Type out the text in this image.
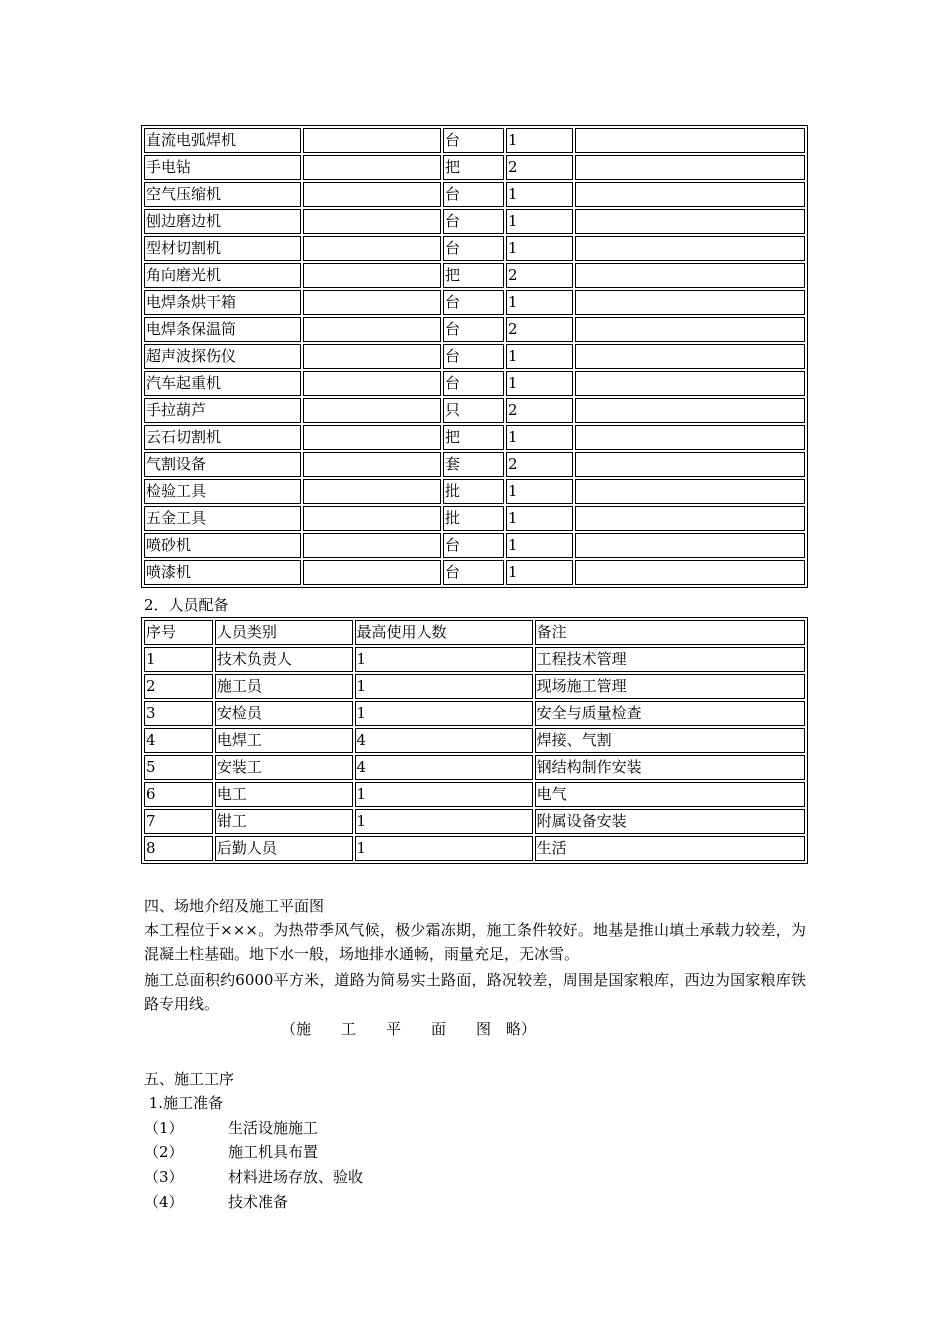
直流电弧焊机		台	1	
手电钻		把	2	
空气压缩机		台	1	
刨边磨边机		台	1	
型材切割机		台	1	
角向磨光机		把	2	
电焊条烘干箱		台	1	
电焊条保温筒		台	2	
超声波探伤仪		台	1	
汽车起重机		台	1	
手拉葫芦		只	2	
云石切割机		把	1	
气割设备		套	2	
检验工具		批	1	
五金工具		批	1	
喷砂机		台	1	
喷漆机		台	1	
2．人员配备
序号	人员类别	最高使用人数	备注
1	技术负责人	1	工程技术管理
2	施工员	1	现场施工管理
3	安检员	1	安全与质量检查
4	电焊工	4	焊接、气割
5	安装工	4	钢结构制作安装
6	电工	1	电气
7	钳工	1	附属设备安装
8	后勤人员	1	生活
四、场地介绍及施工平面图
本工程位于×××。为热带季风气候，极少霜冻期，施工条件较好。地基是推山填土承载力较差，为混凝土柱基础。地下水一般，场地排水通畅，雨量充足，无冰雪。
施工总面积约6000平方米，道路为简易实土路面，路况较差，周围是国家粮库，西边为国家粮库铁路专用线。
（施　　工　　平　　面　　图　略）
五、施工工序
1.施工准备
（1）	生活设施施工
（2）	施工机具布置
（3）	材料进场存放、验收
（4）	技术准备
